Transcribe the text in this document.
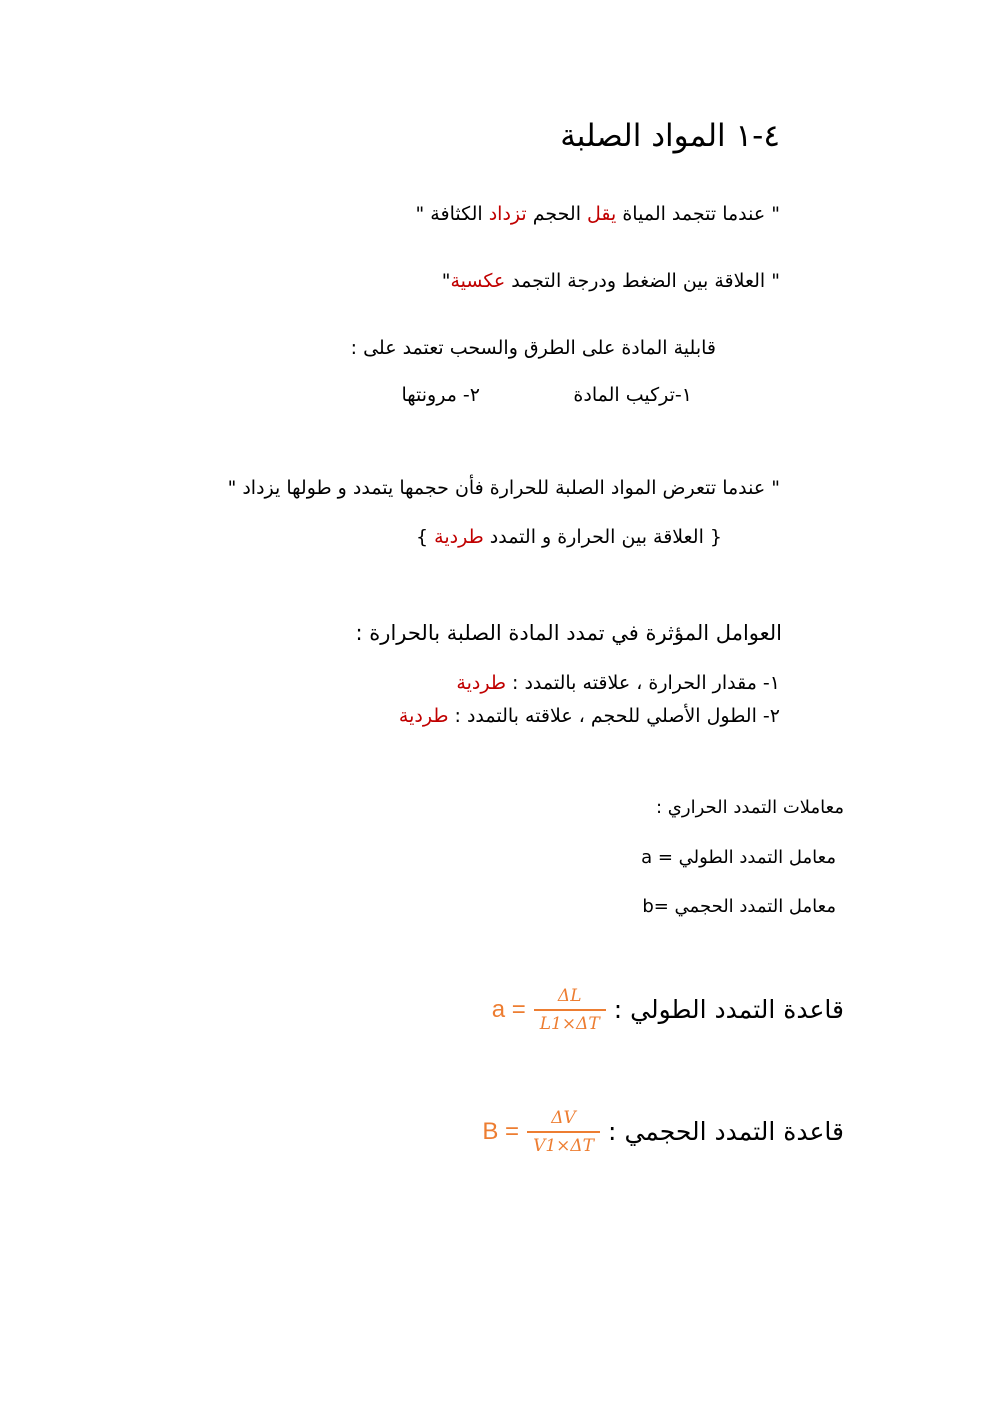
٤-١ المواد الصلبة
" عندما تتجمد المياة يقل الحجم تزداد الكثافة "
" العلاقة بين الضغط ودرجة التجمد عكسية"
قابلية المادة على الطرق والسحب تعتمد على :
١-تركيب المادة
٢- مرونتها
" عندما تتعرض المواد الصلبة للحرارة فأن حجمها يتمدد و طولها يزداد "
{ العلاقة بين الحرارة و التمدد طردية }
العوامل المؤثرة في تمدد المادة الصلبة بالحرارة :
١- مقدار الحرارة ، علاقته بالتمدد : طردية
٢- الطول الأصلي للحجم ، علاقته بالتمدد : طردية
معاملات التمدد الحراري :
a = معامل التمدد الطولي
b= معامل التمدد الحجمي
قاعدة التمدد الطولي
:
$a = \frac{\Delta L}{L1\times\Delta T}$
قاعدة التمدد الحجمي
:
$B = \frac{\Delta V}{V1\times\Delta T}$
